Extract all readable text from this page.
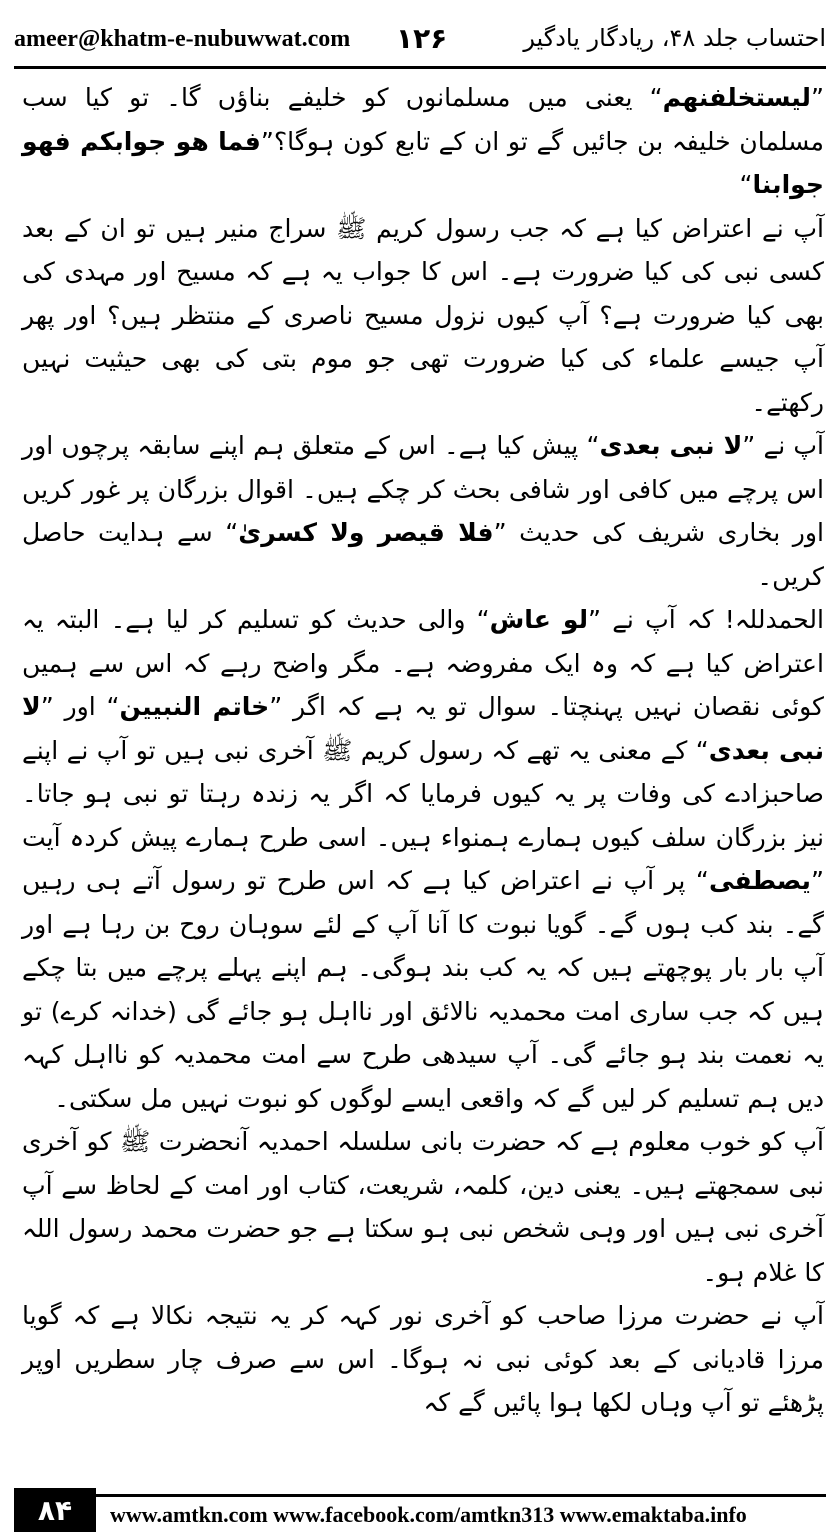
ameer@khatm-e-nubuwwat.com ۱۲۶	احتساب جلد ۴۸، ریادگار یادگیر

”لیستخلفنهم“ یعنی میں مسلمانوں کو خلیفے بناؤں گا۔ تو کیا سب مسلمان خلیفہ بن جائیں گے تو ان کے تابع کون ہوگا؟”فما هو جوابكم فهو جوابنا“

آپ نے اعتراض کیا ہے کہ جب رسول کریم ﷺ سراج منیر ہیں تو ان کے بعد کسی نبی کی کیا ضرورت ہے۔ اس کا جواب یہ ہے کہ مسیح اور مہدی کی بھی کیا ضرورت ہے؟ آپ کیوں نزول مسیح ناصری کے منتظر ہیں؟ اور پھر آپ جیسے علماء کی کیا ضرورت تھی جو موم بتی کی بھی حیثیت نہیں رکھتے۔

آپ نے ”لا نبی بعدی“ پیش کیا ہے۔ اس کے متعلق ہم اپنے سابقہ پرچوں اور اس پرچے میں کافی اور شافی بحث کر چکے ہیں۔ اقوال بزرگان پر غور کریں اور بخاری شریف کی حدیث ”فلا قیصر ولا کسریٰ“ سے ہدایت حاصل کریں۔

الحمدللہ! کہ آپ نے ”لو عاش“ والی حدیث کو تسلیم کر لیا ہے۔ البتہ یہ اعتراض کیا ہے کہ وہ ایک مفروضہ ہے۔ مگر واضح رہے کہ اس سے ہمیں کوئی نقصان نہیں پہنچتا۔ سوال تو یہ ہے کہ اگر ”خاتم النبیین“ اور ”لا نبی بعدی“ کے معنی یہ تھے کہ رسول کریم ﷺ آخری نبی ہیں تو آپ نے اپنے صاحبزادے کی وفات پر یہ کیوں فرمایا کہ اگر یہ زندہ رہتا تو نبی ہو جاتا۔ نیز بزرگان سلف کیوں ہمارے ہمنواء ہیں۔ اسی طرح ہمارے پیش کردہ آیت ”یصطفی“ پر آپ نے اعتراض کیا ہے کہ اس طرح تو رسول آتے ہی رہیں گے۔ بند کب ہوں گے۔ گویا نبوت کا آنا آپ کے لئے سوہان روح بن رہا ہے اور آپ بار بار پوچھتے ہیں کہ یہ کب بند ہوگی۔ ہم اپنے پہلے پرچے میں بتا چکے ہیں کہ جب ساری امت محمدیہ نالائق اور نااہل ہو جائے گی (خدانہ کرے) تو یہ نعمت بند ہو جائے گی۔ آپ سیدھی طرح سے امت محمدیہ کو نااہل کہہ دیں ہم تسلیم کر لیں گے کہ واقعی ایسے لوگوں کو نبوت نہیں مل سکتی۔

آپ کو خوب معلوم ہے کہ حضرت بانی سلسلہ احمدیہ آنحضرت ﷺ کو آخری نبی سمجھتے ہیں۔ یعنی دین، کلمہ، شریعت، کتاب اور امت کے لحاظ سے آپ آخری نبی ہیں اور وہی شخص نبی ہو سکتا ہے جو حضرت محمد رسول اللہ کا غلام ہو۔

آپ نے حضرت مرزا صاحب کو آخری نور کہہ کر یہ نتیجہ نکالا ہے کہ گویا مرزا قادیانی کے بعد کوئی نبی نہ ہوگا۔ اس سے صرف چار سطریں اوپر پڑھئے تو آپ وہاں لکھا ہوا پائیں گے کہ

۸۴ www.amtkn.com www.facebook.com/amtkn313 www.emaktaba.info
